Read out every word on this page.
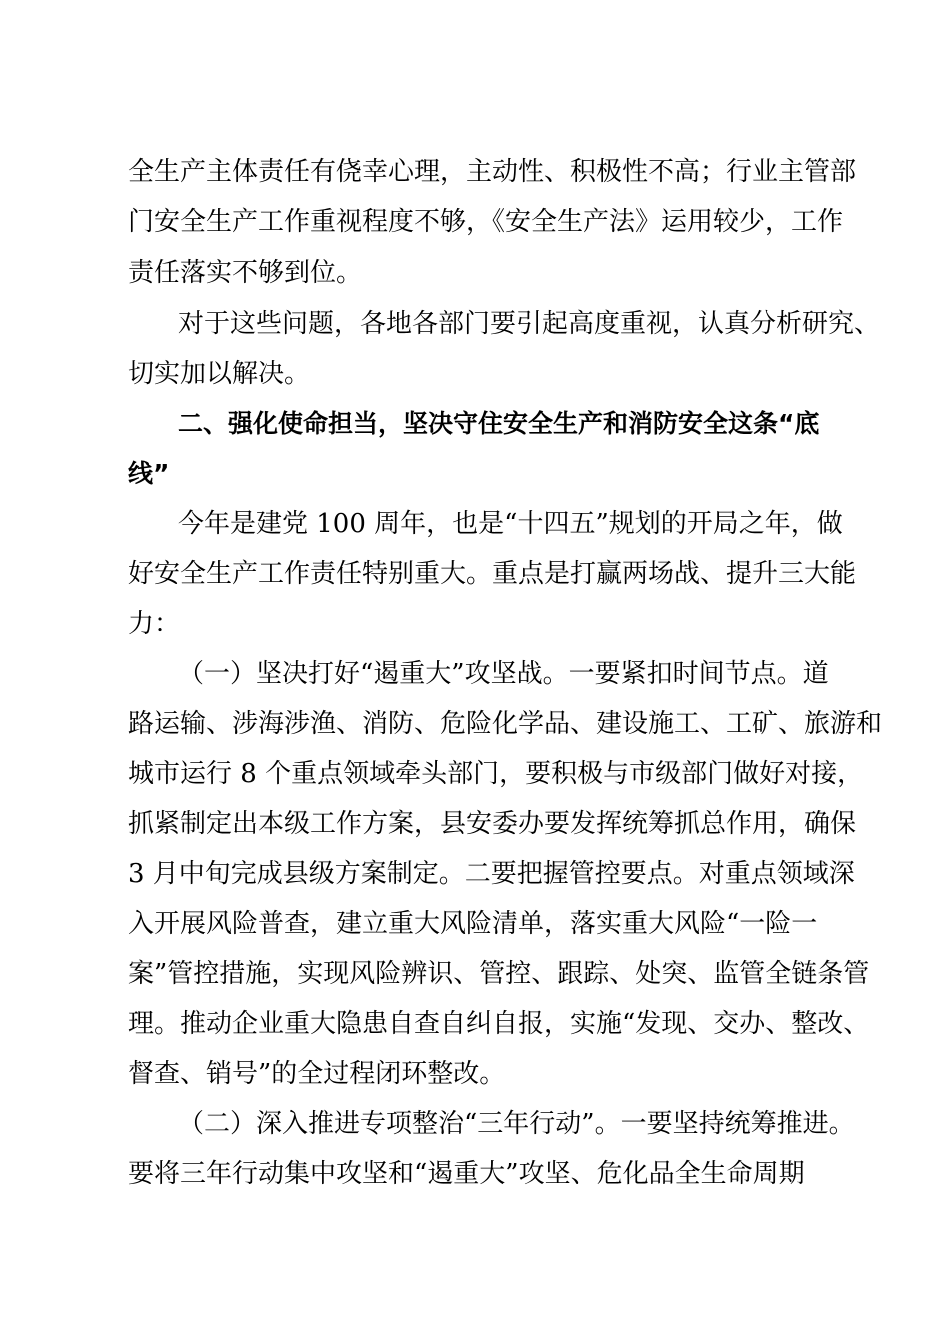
全生产主体责任有侥幸心理，主动性、积极性不高；行业主管部
门安全生产工作重视程度不够，《安全生产法》运用较少，工作
责任落实不够到位。
对于这些问题，各地各部门要引起高度重视，认真分析研究、
切实加以解决。
二、强化使命担当，坚决守住安全生产和消防安全这条“底
线”
今年是建党 100 周年，也是“十四五”规划的开局之年，做
好安全生产工作责任特别重大。重点是打赢两场战、提升三大能
力：
（一）坚决打好“遏重大”攻坚战。一要紧扣时间节点。道
路运输、涉海涉渔、消防、危险化学品、建设施工、工矿、旅游和
城市运行 8 个重点领域牵头部门，要积极与市级部门做好对接，
抓紧制定出本级工作方案，县安委办要发挥统筹抓总作用，确保
3 月中旬完成县级方案制定。二要把握管控要点。对重点领域深
入开展风险普查，建立重大风险清单，落实重大风险“一险一
案”管控措施，实现风险辨识、管控、跟踪、处突、监管全链条管
理。推动企业重大隐患自查自纠自报，实施“发现、交办、整改、
督查、销号”的全过程闭环整改。
（二）深入推进专项整治“三年行动”。一要坚持统筹推进。
要将三年行动集中攻坚和“遏重大”攻坚、危化品全生命周期
